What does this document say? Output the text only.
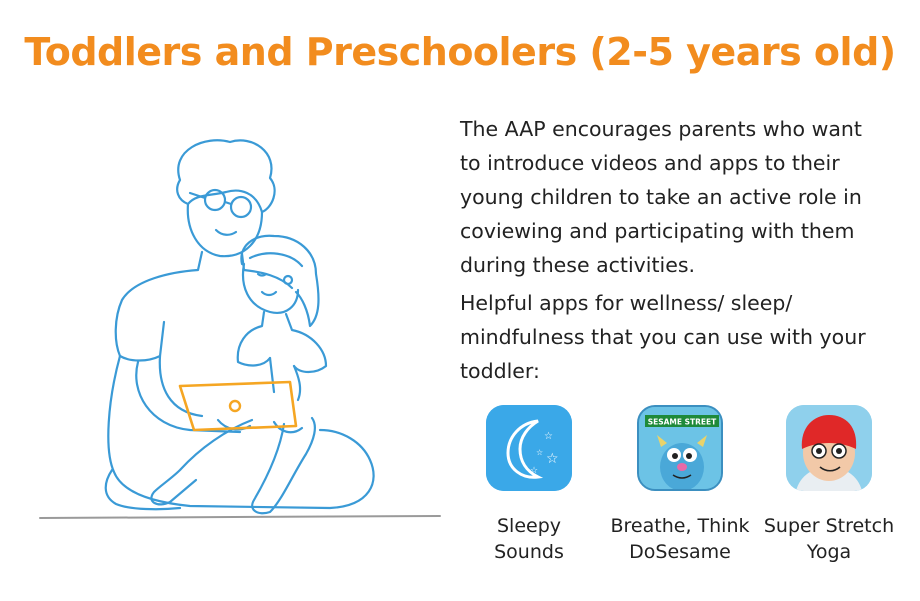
Toddlers and Preschoolers (2-5 years old)
The AAP encourages parents who want to introduce videos and apps to their young children to take an active role in coviewing and participating with them during these activities.
Helpful apps for wellness/ sleep/ mindfulness that you can use with your toddler:
☆
☆
☆
☆
Sleepy
Sounds
SESAME STREET
Breathe, Think
DoSesame
Super Stretch
Yoga
